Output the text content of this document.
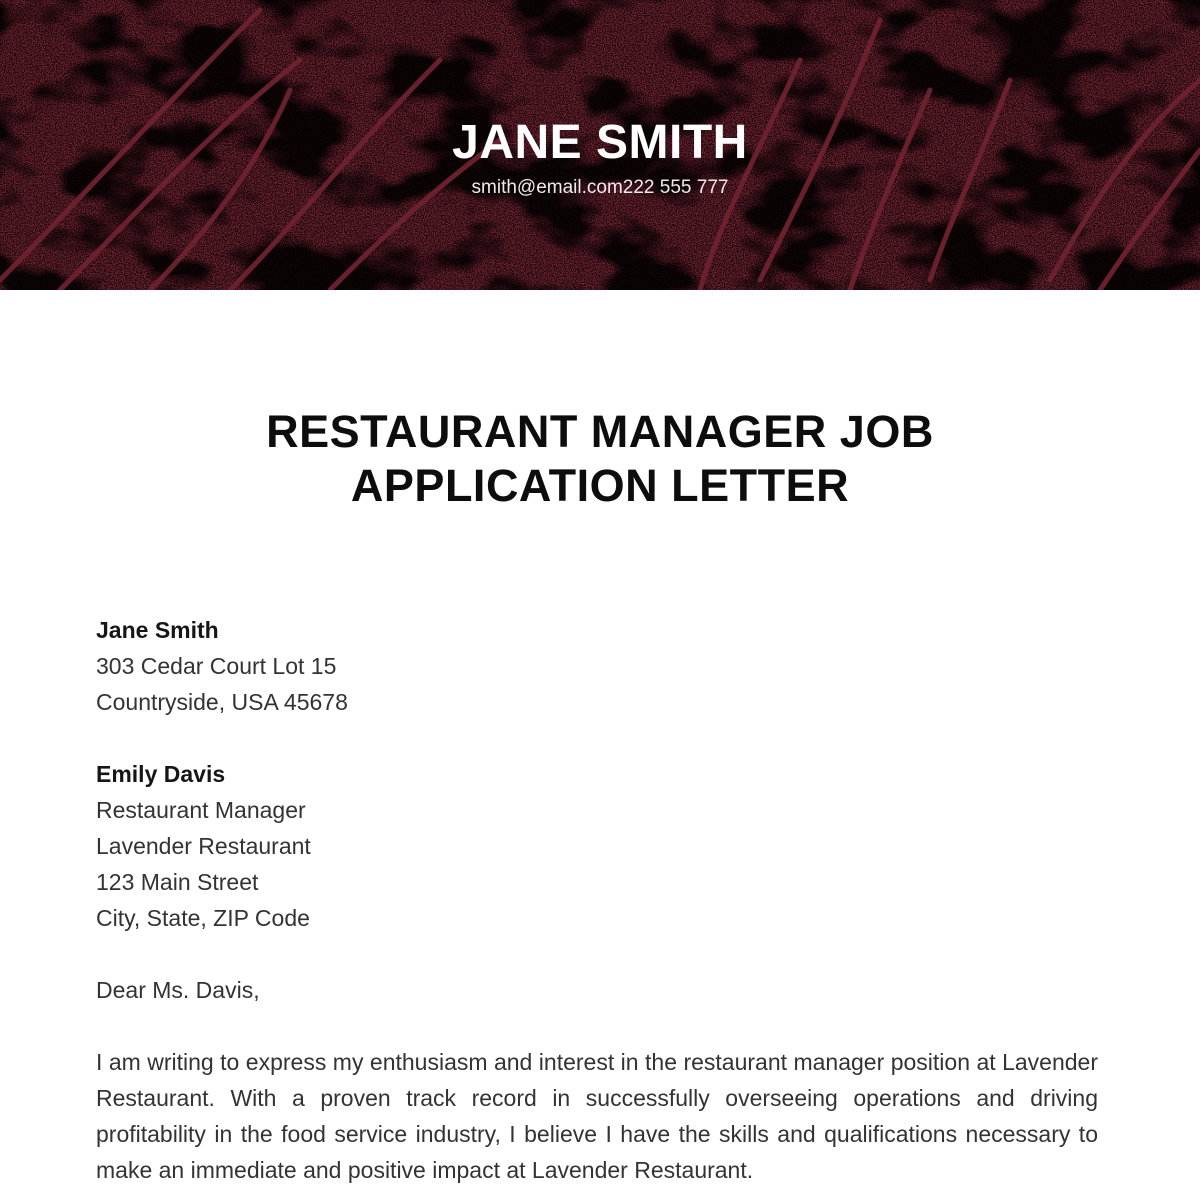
JANE SMITH
smith@email.com222 555 777
RESTAURANT MANAGER JOB
APPLICATION LETTER
Jane Smith
303 Cedar Court Lot 15
Countryside, USA 45678
Emily Davis
Restaurant Manager
Lavender Restaurant
123 Main Street
City, State, ZIP Code
Dear Ms. Davis,

I am writing to express my enthusiasm and interest in the restaurant manager position at Lavender Restaurant. With a proven track record in successfully overseeing operations and driving profitability in the food service industry, I believe I have the skills and qualifications necessary to make an immediate and positive impact at Lavender Restaurant.
